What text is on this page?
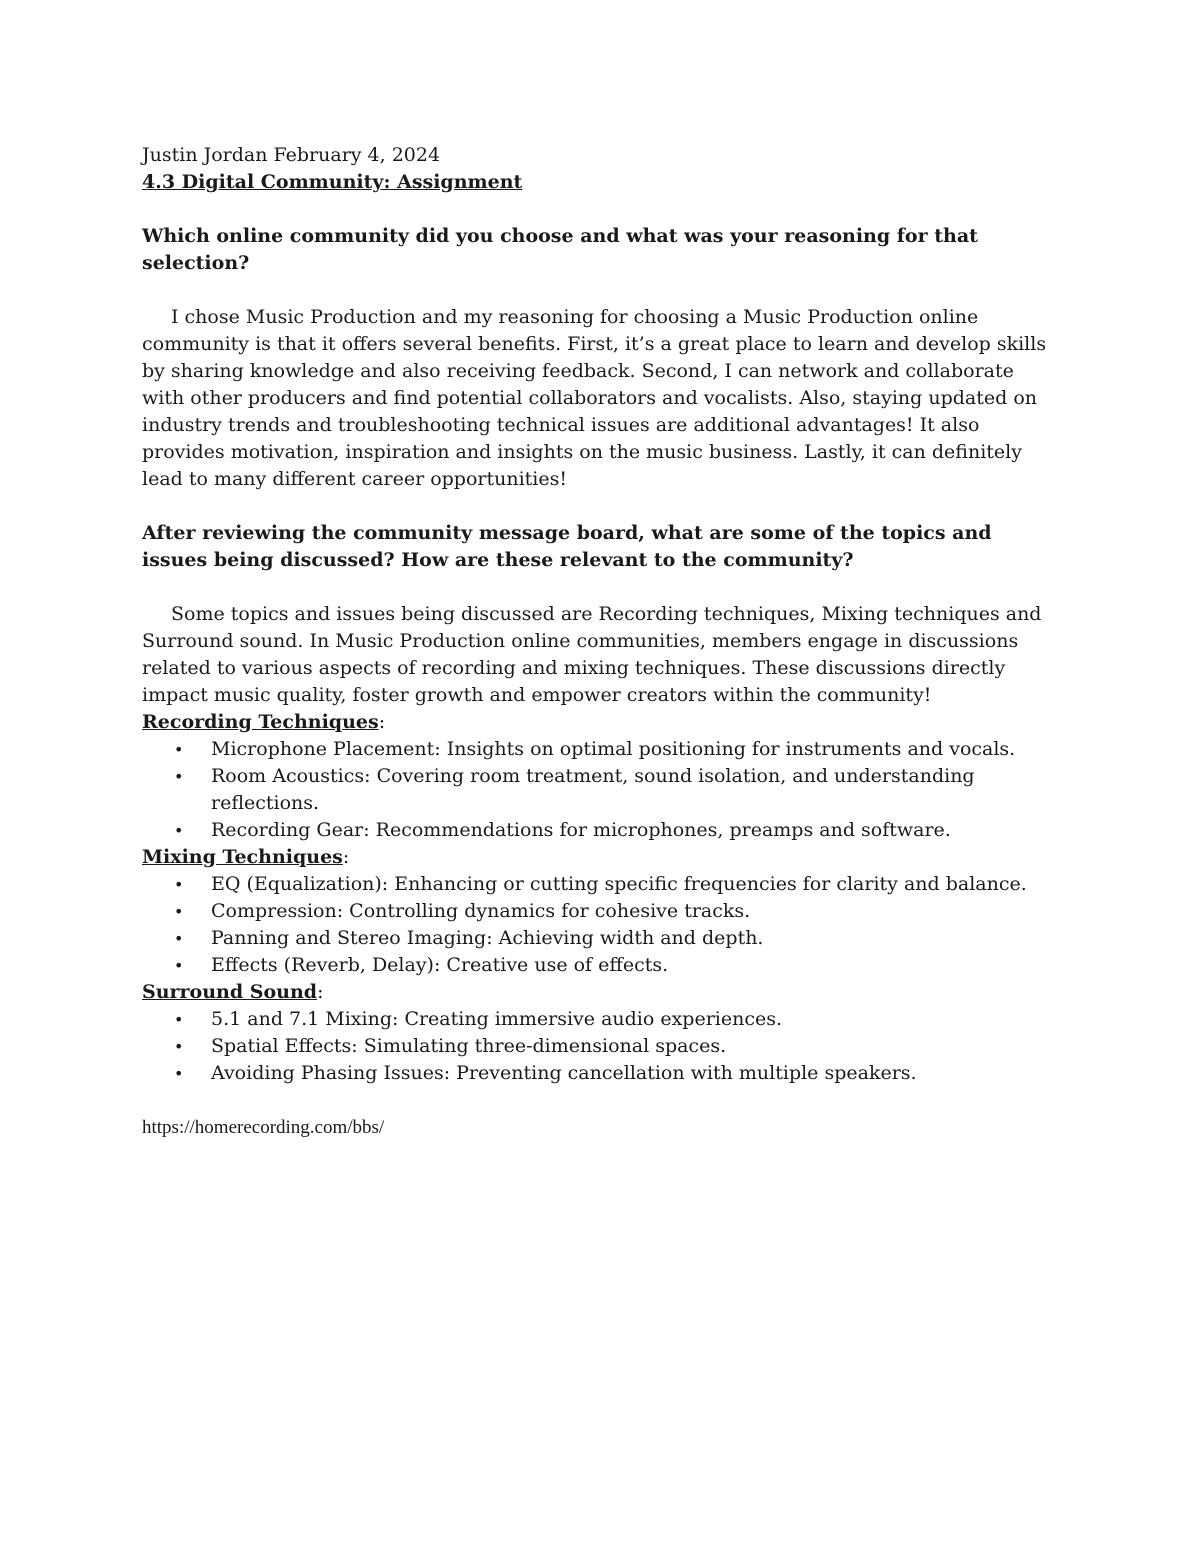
Justin Jordan February 4, 2024

4.3 Digital Community: Assignment

Which online community did you choose and what was your reasoning for that selection?

I chose Music Production and my reasoning for choosing a Music Production online community is that it offers several benefits. First, it’s a great place to learn and develop skills by sharing knowledge and also receiving feedback. Second, I can network and collaborate with other producers and find potential collaborators and vocalists. Also, staying updated on industry trends and troubleshooting technical issues are additional advantages! It also provides motivation, inspiration and insights on the music business. Lastly, it can definitely lead to many different career opportunities!

After reviewing the community message board, what are some of the topics and issues being discussed? How are these relevant to the community?

Some topics and issues being discussed are Recording techniques, Mixing techniques and Surround sound. In Music Production online communities, members engage in discussions related to various aspects of recording and mixing techniques. These discussions directly impact music quality, foster growth and empower creators within the community!

Recording Techniques:

• Microphone Placement: Insights on optimal positioning for instruments and vocals.
• Room Acoustics: Covering room treatment, sound isolation, and understanding reflections.
• Recording Gear: Recommendations for microphones, preamps and software.

Mixing Techniques:

• EQ (Equalization): Enhancing or cutting specific frequencies for clarity and balance.
• Compression: Controlling dynamics for cohesive tracks.
• Panning and Stereo Imaging: Achieving width and depth.
• Effects (Reverb, Delay): Creative use of effects.

Surround Sound:

• 5.1 and 7.1 Mixing: Creating immersive audio experiences.
• Spatial Effects: Simulating three-dimensional spaces.
• Avoiding Phasing Issues: Preventing cancellation with multiple speakers.

https://homerecording.com/bbs/
